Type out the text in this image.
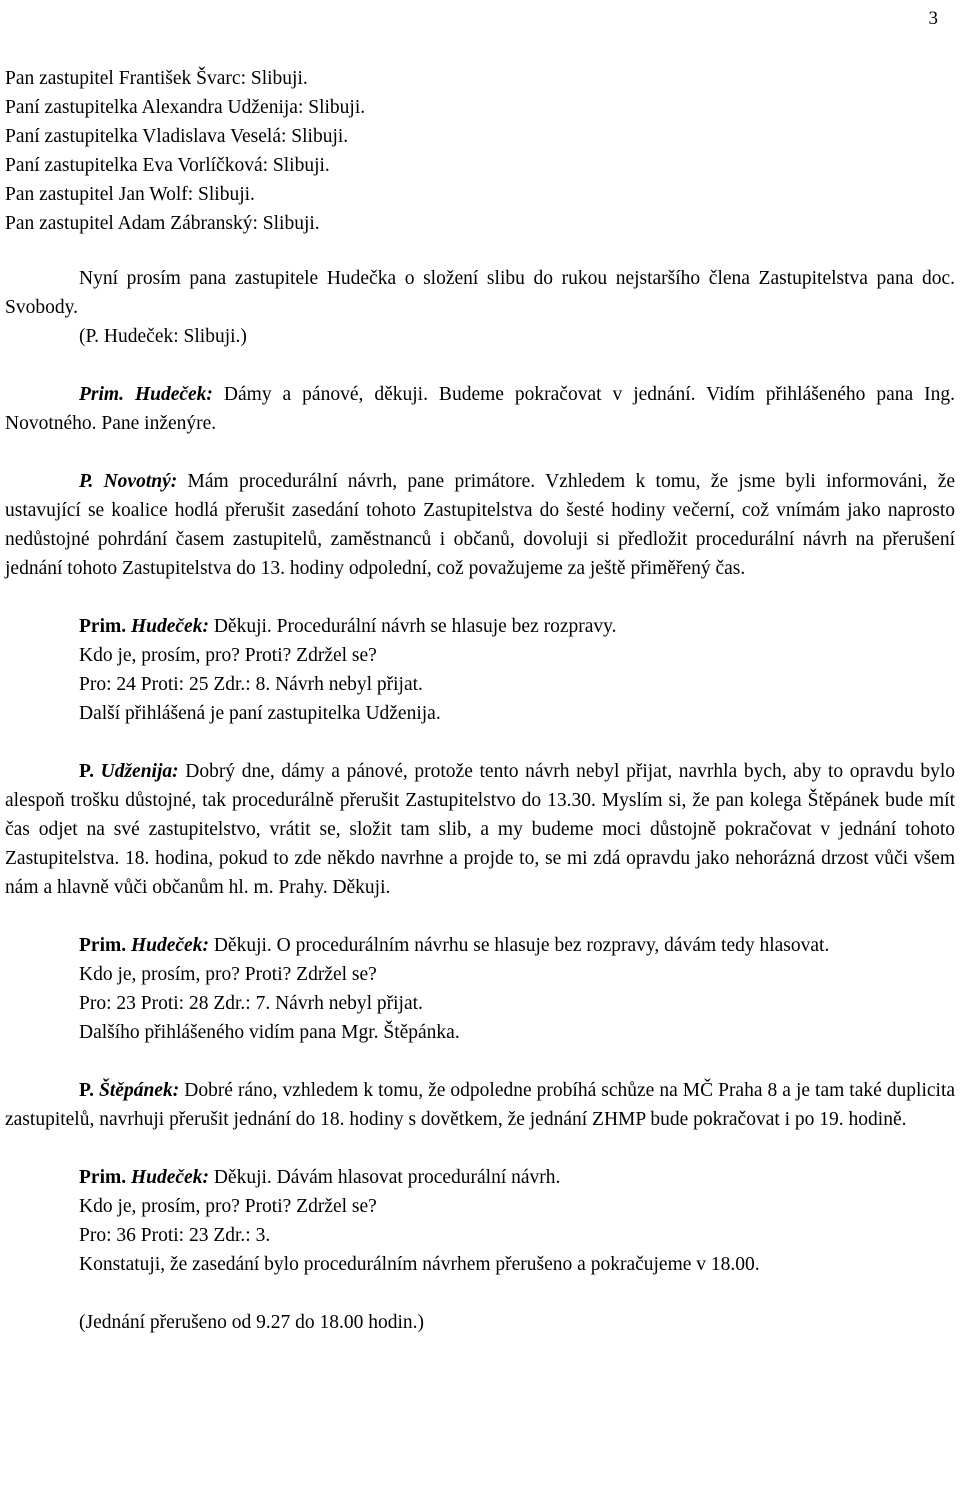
3

Pan zastupitel František Švarc: Slibuji.

Paní zastupitelka Alexandra Udženija: Slibuji.

Paní zastupitelka Vladislava Veselá: Slibuji.

Paní zastupitelka Eva Vorlíčková: Slibuji.

Pan zastupitel Jan Wolf: Slibuji.

Pan zastupitel Adam Zábranský: Slibuji.

Nyní prosím pana zastupitele Hudečka o složení slibu do rukou nejstaršího člena Zastupitelstva pana doc. Svobody.

(P. Hudeček: Slibuji.)

Prim. Hudeček: Dámy a pánové, děkuji. Budeme pokračovat v jednání. Vidím přihlášeného pana Ing. Novotného. Pane inženýre.

P. Novotný: Mám procedurální návrh, pane primátore. Vzhledem k tomu, že jsme byli informováni, že ustavující se koalice hodlá přerušit zasedání tohoto Zastupitelstva do šesté hodiny večerní, což vnímám jako naprosto nedůstojné pohrdání časem zastupitelů, zaměstnanců i občanů, dovoluji si předložit procedurální návrh na přerušení jednání tohoto Zastupitelstva do 13. hodiny odpolední, což považujeme za ještě přiměřený čas.

Prim. Hudeček: Děkuji. Procedurální návrh se hlasuje bez rozpravy.

Kdo je, prosím, pro? Proti? Zdržel se?

Pro: 24 Proti: 25 Zdr.: 8. Návrh nebyl přijat.

Další přihlášená je paní zastupitelka Udženija.

P. Udženija: Dobrý dne, dámy a pánové, protože tento návrh nebyl přijat, navrhla bych, aby to opravdu bylo alespoň trošku důstojné, tak procedurálně přerušit Zastupitelstvo do 13.30. Myslím si, že pan kolega Štěpánek bude mít čas odjet na své zastupitelstvo, vrátit se, složit tam slib, a my budeme moci důstojně pokračovat v jednání tohoto Zastupitelstva. 18. hodina, pokud to zde někdo navrhne a projde to, se mi zdá opravdu jako nehorázná drzost vůči všem nám a hlavně vůči občanům hl. m. Prahy. Děkuji.

Prim. Hudeček: Děkuji. O procedurálním návrhu se hlasuje bez rozpravy, dávám tedy hlasovat.

Kdo je, prosím, pro? Proti? Zdržel se?

Pro: 23 Proti: 28 Zdr.: 7. Návrh nebyl přijat.

Dalšího přihlášeného vidím pana Mgr. Štěpánka.

P. Štěpánek: Dobré ráno, vzhledem k tomu, že odpoledne probíhá schůze na MČ Praha 8 a je tam také duplicita zastupitelů, navrhuji přerušit jednání do 18. hodiny s dovětkem, že jednání ZHMP bude pokračovat i po 19. hodině.

Prim. Hudeček: Děkuji. Dávám hlasovat procedurální návrh.

Kdo je, prosím, pro? Proti? Zdržel se?

Pro: 36 Proti: 23 Zdr.: 3.

Konstatuji, že zasedání bylo procedurálním návrhem přerušeno a pokračujeme v 18.00.

(Jednání přerušeno od 9.27 do 18.00 hodin.)
